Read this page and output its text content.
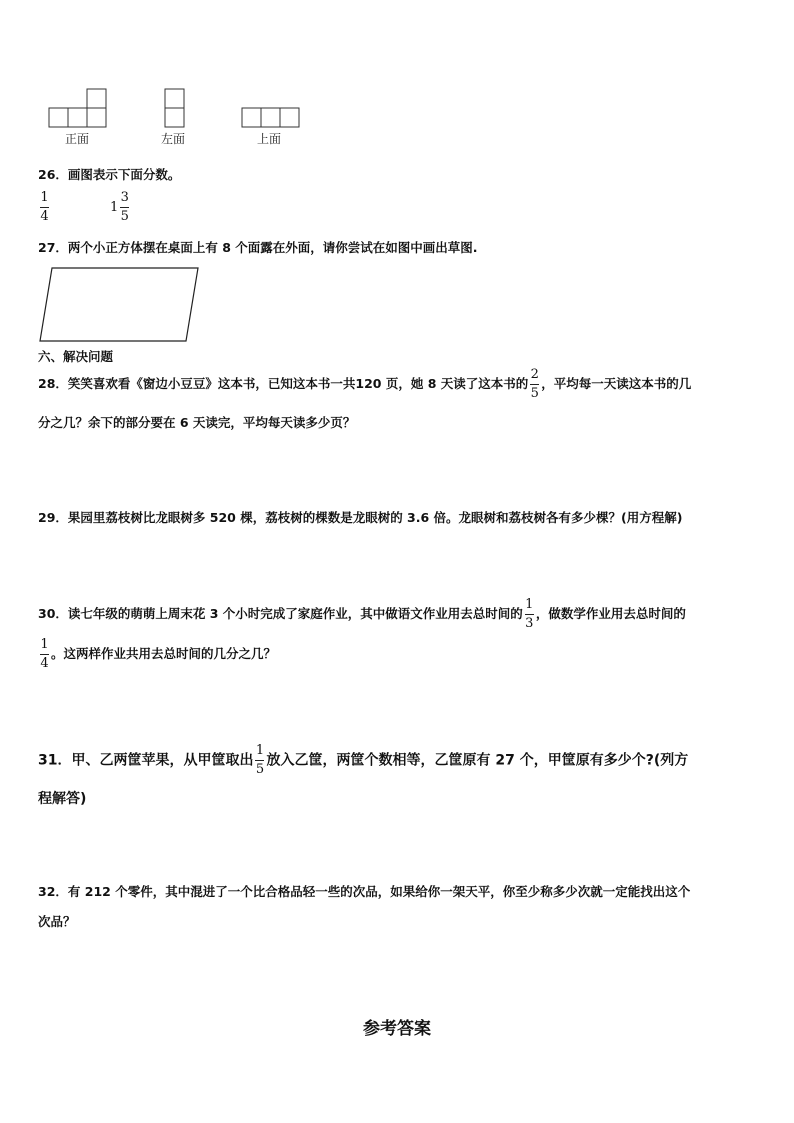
正面	左面	上面
26．画图表示下面分数。
$\frac{1}{4}$	$1 \frac{3}{5}$
27．两个小正方体摆在桌面上有 8 个面露在外面，请你尝试在如图中画出草图.
六、解决问题
28．笑笑喜欢看《窗边小豆豆》这本书，已知这本书一共120 页，她 8 天读了这本书的 $\frac{2}{5}$ ，平均每一天读这本书的几
分之几？余下的部分要在 6 天读完，平均每天读多少页？
29．果园里荔枝树比龙眼树多 520 棵，荔枝树的棵数是龙眼树的 3.6 倍。龙眼树和荔枝树各有多少棵？(用方程解)
30．读七年级的萌萌上周末花 3 个小时完成了家庭作业，其中做语文作业用去总时间的 $\frac{1}{3}$ ，做数学作业用去总时间的
$\frac{1}{4}$ 。这两样作业共用去总时间的几分之几？
31．甲、乙两筐苹果，从甲筐取出 $\frac{1}{5}$ 放入乙筐，两筐个数相等，乙筐原有 27 个，甲筐原有多少个?(列方
程解答)
32．有 212 个零件，其中混进了一个比合格品轻一些的次品，如果给你一架天平，你至少称多少次就一定能找出这个
次品？
参考答案
